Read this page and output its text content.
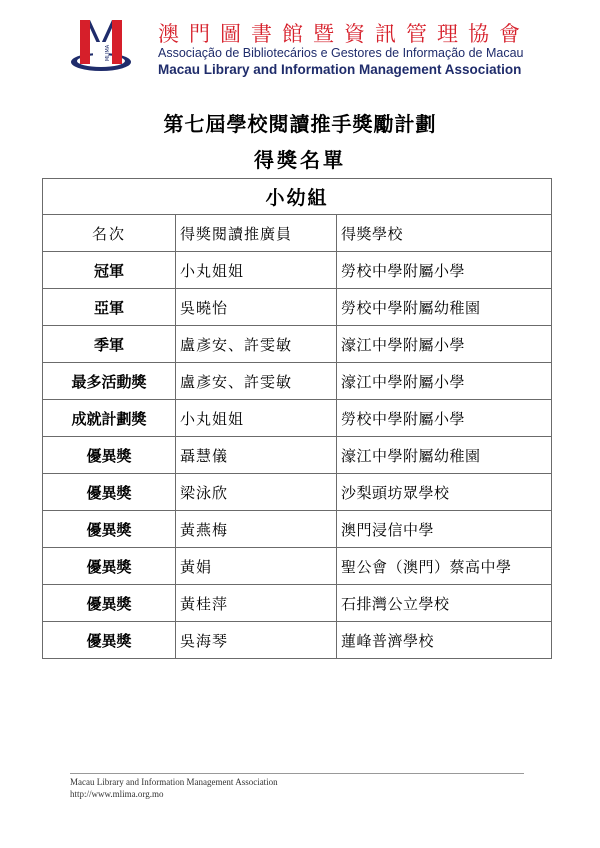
MLIMA
澳門圖書館暨資訊管理協會
Associação de Bibliotecários e Gestores de Informação de Macau
Macau Library and Information Management Association
第七屆學校閱讀推手獎勵計劃
得獎名單
小幼組		
名次	得獎閱讀推廣員	得獎學校
冠軍	小丸姐姐	勞校中學附屬小學
亞軍	吳曉怡	勞校中學附屬幼稚園
季軍	盧彥安、許雯敏	濠江中學附屬小學
最多活動獎	盧彥安、許雯敏	濠江中學附屬小學
成就計劃獎	小丸姐姐	勞校中學附屬小學
優異獎	聶慧儀	濠江中學附屬幼稚園
優異獎	梁泳欣	沙梨頭坊眾學校
優異獎	黃燕梅	澳門浸信中學
優異獎	黃娟	聖公會（澳門）蔡高中學
優異獎	黃桂萍	石排灣公立學校
優異獎	吳海琴	蓮峰普濟學校
Macau Library and Information Management Association
http://www.mlima.org.mo
